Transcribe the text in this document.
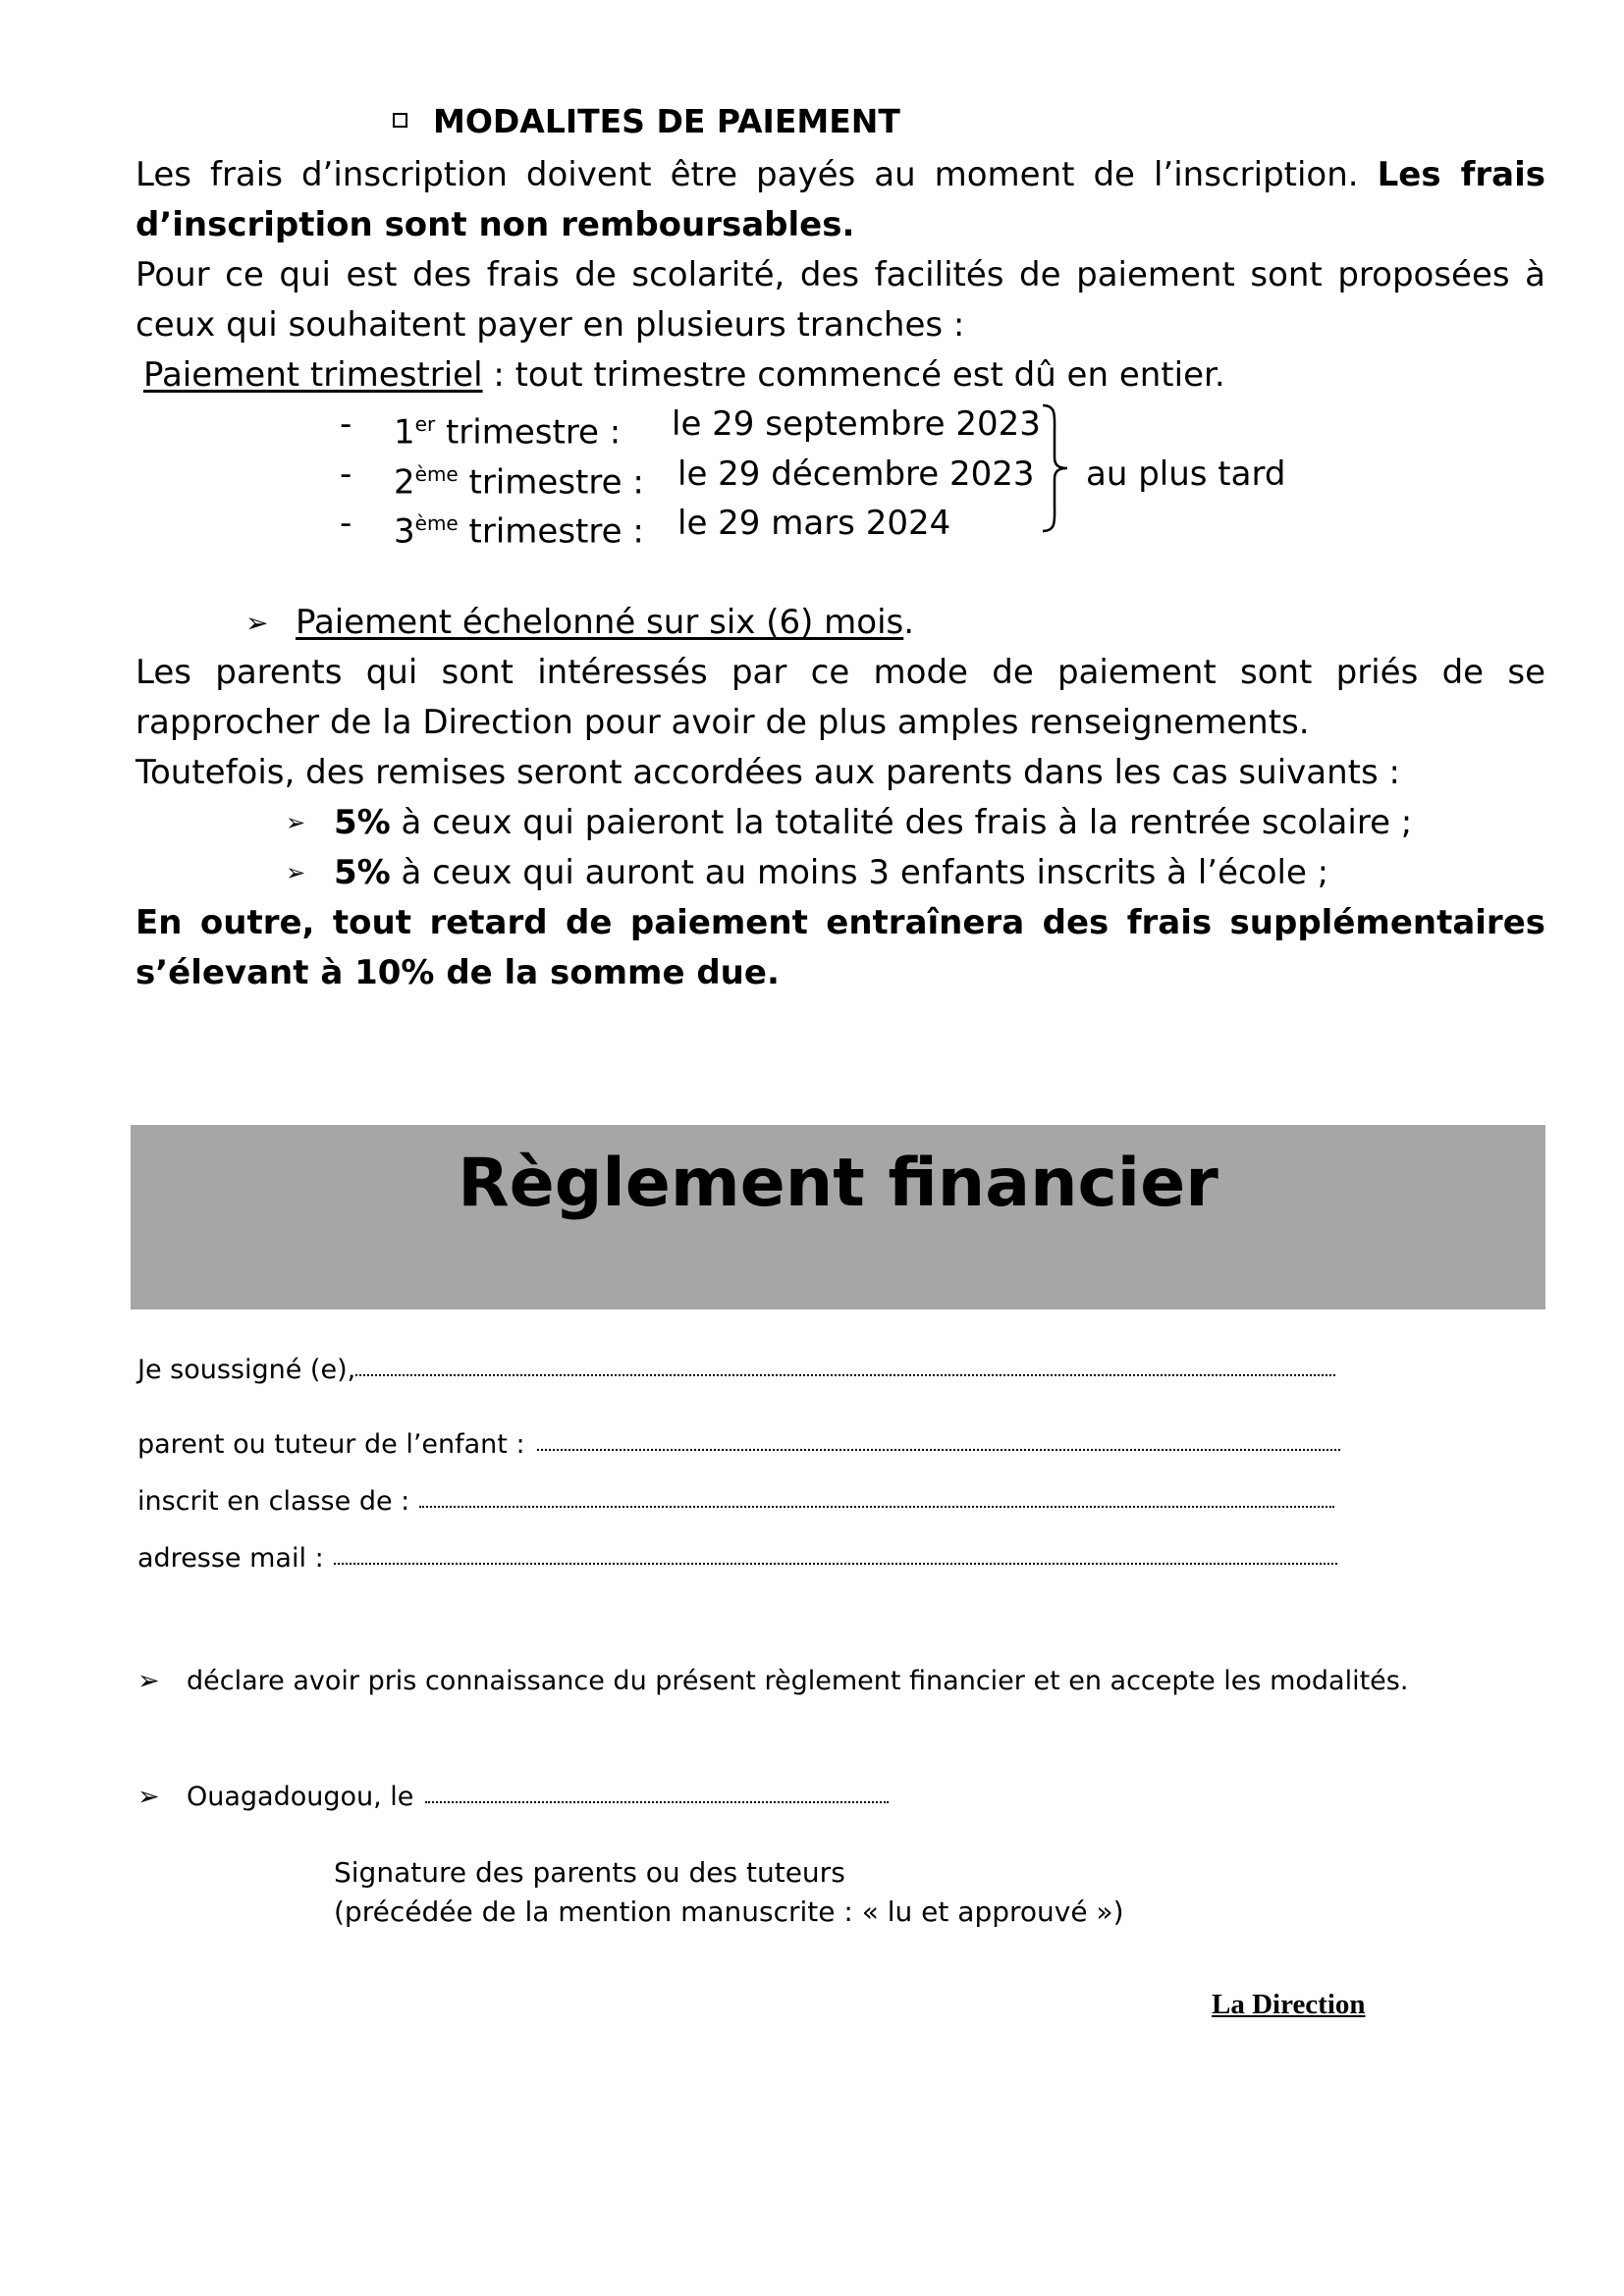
MODALITES DE PAIEMENT
Les frais d’inscription doivent être payés au moment de l’inscription. Les frais d’inscription sont non remboursables.
Pour ce qui est des frais de scolarité, des facilités de paiement sont proposées à ceux qui souhaitent payer en plusieurs tranches :
Paiement trimestriel : tout trimestre commencé est dû en entier.
- 1er trimestre : le 29 septembre 2023
- 2ème trimestre : le 29 décembre 2023
- 3ème trimestre : le 29 mars 2024
au plus tard
➢ Paiement échelonné sur six (6) mois.
Les parents qui sont intéressés par ce mode de paiement sont priés de se rapprocher de la Direction pour avoir de plus amples renseignements.
Toutefois, des remises seront accordées aux parents dans les cas suivants :
➢ 5% à ceux qui paieront la totalité des frais à la rentrée scolaire ;
➢ 5% à ceux qui auront au moins 3 enfants inscrits à l’école ;
En outre, tout retard de paiement entraînera des frais supplémentaires s’élevant à 10% de la somme due.
Règlement financier
Je soussigné (e),
parent ou tuteur de l’enfant :
inscrit en classe de :
adresse mail :
➢ déclare avoir pris connaissance du présent règlement financier et en accepte les modalités.
➢ Ouagadougou, le
Signature des parents ou des tuteurs
(précédée de la mention manuscrite : « lu et approuvé »)
La Direction
